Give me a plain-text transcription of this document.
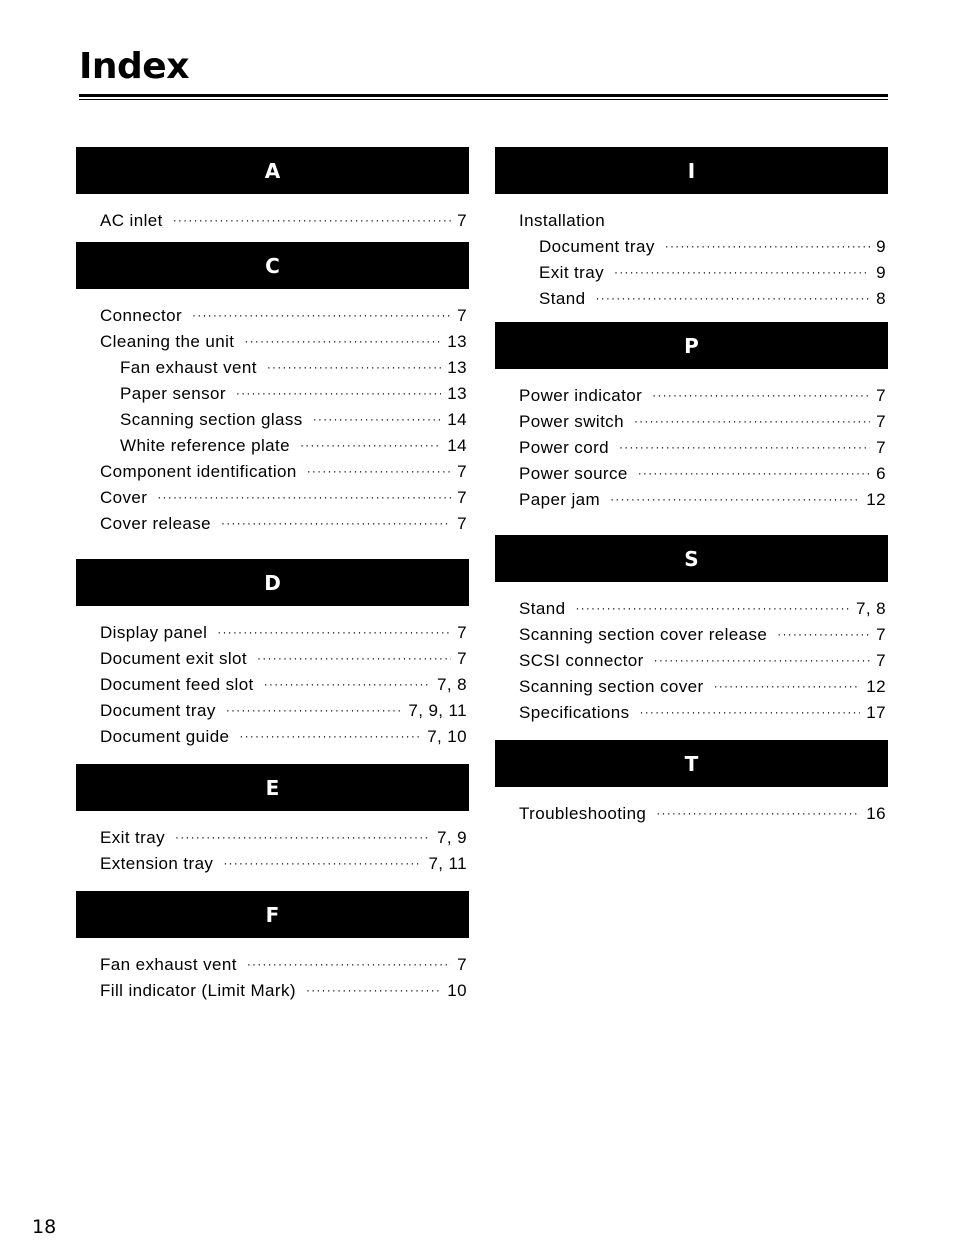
Index
A
AC inlet ·····	7
C
Connector ·····	7
Cleaning the unit ·····	13
Fan exhaust vent ·····	13
Paper sensor ·····	13
Scanning section glass ·····	14
White reference plate ·····	14
Component identification ·····	7
Cover ·····	7
Cover release ·····	7
D
Display panel ·····	7
Document exit slot ·····	7
Document feed slot ·····	7, 8
Document tray ·····	7, 9, 11
Document guide ·····	7, 10
E
Exit tray ·····	7, 9
Extension tray ·····	7, 11
F
Fan exhaust vent ·····	7
Fill indicator (Limit Mark) ·····	10
I
Installation
Document tray ·····	9
Exit tray ·····	9
Stand ·····	8
P
Power indicator ·····	7
Power switch ·····	7
Power cord ·····	7
Power source ·····	6
Paper jam ·····	12
S
Stand ·····	7, 8
Scanning section cover release ·····	7
SCSI connector ·····	7
Scanning section cover ·····	12
Specifications ·····	17
T
Troubleshooting ·····	16
18
